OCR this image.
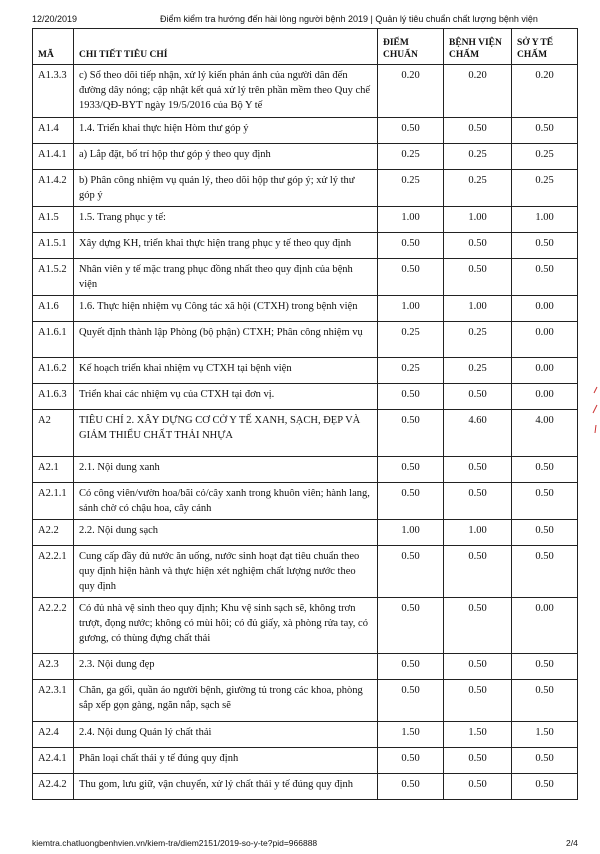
12/20/2019	Điểm kiểm tra hướng đến hài lòng người bệnh 2019 | Quản lý tiêu chuẩn chất lượng bệnh viện
MÃ	CHI TIẾT TIÊU CHÍ	ĐIỂM CHUẨN	BỆNH VIỆN CHẤM	SỞ Y TẾ CHẤM
A1.3.3	c) Sổ theo dõi tiếp nhận, xử lý kiến phản ánh của người dân đến đường dây nóng; cập nhật kết quả xử lý trên phần mềm theo Quy chế 1933/QĐ-BYT ngày 19/5/2016 của Bộ Y tế	0.20	0.20	0.20
A1.4	1.4. Triển khai thực hiện Hòm thư góp ý	0.50	0.50	0.50
A1.4.1	a) Lắp đặt, bố trí hộp thư góp ý theo quy định	0.25	0.25	0.25
A1.4.2	b) Phân công nhiệm vụ quản lý, theo dõi hộp thư góp ý; xử lý thư góp ý	0.25	0.25	0.25
A1.5	1.5. Trang phục y tế:	1.00	1.00	1.00
A1.5.1	Xây dựng KH, triển khai thực hiện trang phục y tế theo quy định	0.50	0.50	0.50
A1.5.2	Nhân viên y tế mặc trang phục đồng nhất theo quy định của bệnh viện	0.50	0.50	0.50
A1.6	1.6. Thực hiện nhiệm vụ Công tác xã hội (CTXH) trong bệnh viện	1.00	1.00	0.00
A1.6.1	Quyết định thành lập Phòng (bộ phận) CTXH; Phân công nhiệm vụ	0.25	0.25	0.00
A1.6.2	Kế hoạch triển khai nhiệm vụ CTXH tại bệnh viện	0.25	0.25	0.00
A1.6.3	Triển khai các nhiệm vụ của CTXH tại đơn vị.	0.50	0.50	0.00
A2	TIÊU CHÍ 2. XÂY DỰNG CƠ CỞ Y TẾ XANH, SẠCH, ĐẸP VÀ GIẢM THIỂU CHẤT THẢI NHỰA	0.50	4.60	4.00
A2.1	2.1. Nội dung xanh	0.50	0.50	0.50
A2.1.1	Có công viên/vườn hoa/bãi cỏ/cây xanh trong khuôn viên; hành lang, sảnh chờ có chậu hoa, cây cảnh	0.50	0.50	0.50
A2.2	2.2. Nội dung sạch	1.00	1.00	0.50
A2.2.1	Cung cấp đầy đủ nước ăn uống, nước sinh hoạt đạt tiêu chuẩn theo quy định hiện hành và thực hiện xét nghiệm chất lượng nước theo quy định	0.50	0.50	0.50
A2.2.2	Có đủ nhà vệ sinh theo quy định; Khu vệ sinh sạch sẽ, không trơn trượt, đọng nước; không có mùi hôi; có đủ giấy, xà phòng rửa tay, có gương, có thùng đựng chất thải	0.50	0.50	0.00
A2.3	2.3. Nội dung đẹp	0.50	0.50	0.50
A2.3.1	Chăn, ga gối, quần áo người bệnh, giường tủ trong các khoa, phòng sắp xếp gọn gàng, ngăn nắp, sạch sẽ	0.50	0.50	0.50
A2.4	2.4. Nội dung Quản lý chất thải	1.50	1.50	1.50
A2.4.1	Phân loại chất thải y tế đúng quy định	0.50	0.50	0.50
A2.4.2	Thu gom, lưu giữ, vận chuyển, xử lý chất thải y tế đúng quy định	0.50	0.50	0.50
kiemtra.chatluongbenhvien.vn/kiem-tra/diem2151/2019-so-y-te?pid=966888	2/4
